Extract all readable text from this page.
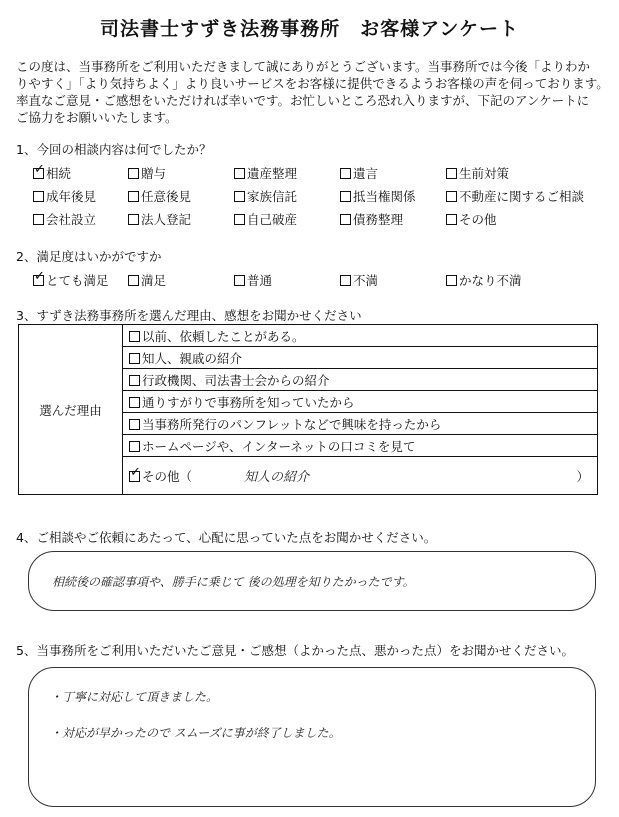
司法書士すずき法務事務所　お客様アンケート
この度は、当事務所をご利用いただきまして誠にありがとうございます。当事務所では今後「よりわか
りやすく」「より気持ちよく」より良いサービスをお客様に提供できるようお客様の声を伺っております。
率直なご意見・ご感想をいただければ幸いです。お忙しいところ恐れ入りますが、下記のアンケートに
ご協力をお願いいたします。
1、今回の相談内容は何でしたか？
✓ 相続	贈与	遺産整理	遺言	生前対策
成年後見	任意後見	家族信託	抵当権関係	不動産に関するご相談
会社設立	法人登記	自己破産	債務整理	その他
2、満足度はいかがですか
✓ とても満足	満足	普通	不満	かなり不満
3、すずき法務事務所を選んだ理由、感想をお聞かせください
選んだ理由	以前、依頼したことがある。
知人、親戚の紹介
行政機関、司法書士会からの紹介
通りすがりで事務所を知っていたから
当事務所発行のパンフレットなどで興味を持ったから
ホームページや、インターネットの口コミを見て

✓ その他（	知人の紹介	）
4、ご相談やご依頼にあたって、心配に思っていた点をお聞かせください。
相続後の確認事項や、勝手に乗じて 後の処理を知りたかったです。
5、当事務所をご利用いただいたご意見・ご感想（よかった点、悪かった点）をお聞かせください。
・丁寧に対応して頂きました。
・対応が早かったので スムーズに事が終了しました。
